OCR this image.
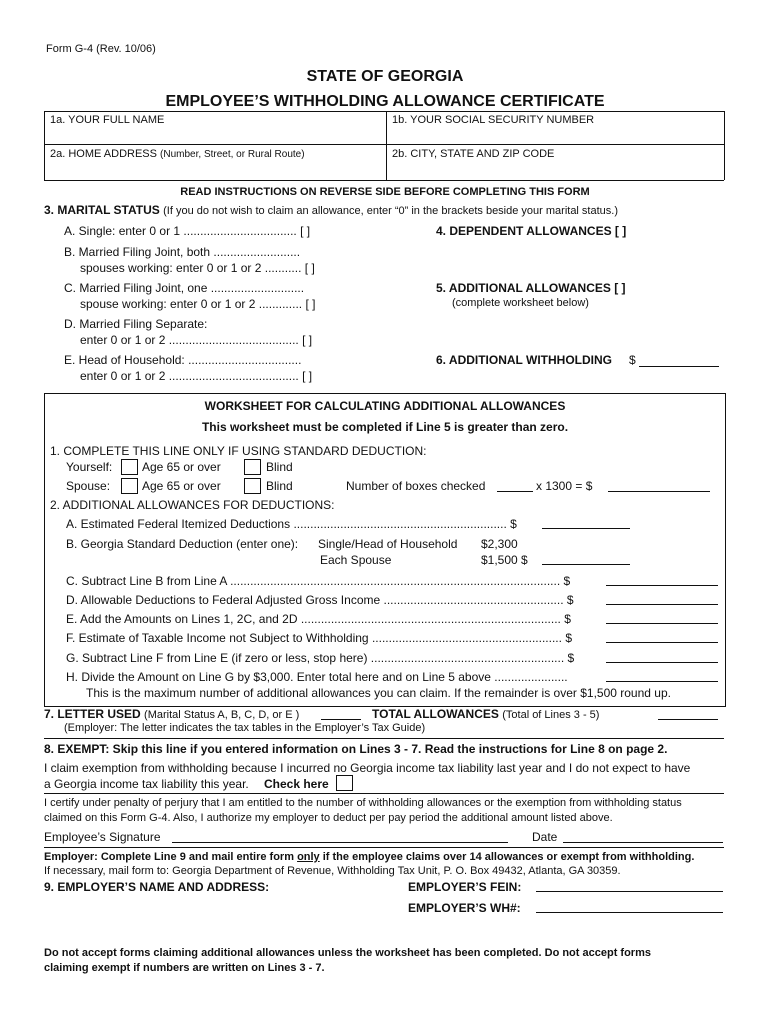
Form G-4 (Rev. 10/06)
STATE OF GEORGIA
EMPLOYEE’S WITHHOLDING ALLOWANCE CERTIFICATE
1a. YOUR FULL NAME	1b. YOUR SOCIAL SECURITY NUMBER
2a. HOME ADDRESS (Number, Street, or Rural Route)	2b. CITY, STATE AND ZIP CODE
READ INSTRUCTIONS ON REVERSE SIDE BEFORE COMPLETING THIS FORM
3. MARITAL STATUS (If you do not wish to claim an allowance, enter “0” in the brackets beside your marital status.)
A. Single: enter 0 or 1 .................................. [ ]
B. Married Filing Joint, both ..........................
spouses working: enter 0 or 1 or 2 ........... [ ]
C. Married Filing Joint, one ............................
spouse working: enter 0 or 1 or 2 ............. [ ]
D. Married Filing Separate:
enter 0 or 1 or 2 ....................................... [ ]
E. Head of Household: ..................................
enter 0 or 1 or 2 ....................................... [ ]
4. DEPENDENT ALLOWANCES [ ]
5. ADDITIONAL ALLOWANCES [ ]
(complete worksheet below)
6. ADDITIONAL WITHHOLDING $
WORKSHEET FOR CALCULATING ADDITIONAL ALLOWANCES
This worksheet must be completed if Line 5 is greater than zero.
1. COMPLETE THIS LINE ONLY IF USING STANDARD DEDUCTION:
Yourself: Age 65 or over	Blind
Spouse:	Age 65 or over	Blind	Number of boxes checked	x 1300 = $
2. ADDITIONAL ALLOWANCES FOR DEDUCTIONS:
A. Estimated Federal Itemized Deductions ................................................................ $
B. Georgia Standard Deduction (enter one): Single/Head of Household $2,300
Each Spouse	$1,500 $
C. Subtract Line B from Line A ................................................................................................... $
D. Allowable Deductions to Federal Adjusted Gross Income ...................................................... $
E. Add the Amounts on Lines 1, 2C, and 2D .............................................................................. $
F. Estimate of Taxable Income not Subject to Withholding ......................................................... $
G. Subtract Line F from Line E (if zero or less, stop here) .......................................................... $
H. Divide the Amount on Line G by $3,000. Enter total here and on Line 5 above ......................
This is the maximum number of additional allowances you can claim. If the remainder is over $1,500 round up.
7. LETTER USED (Marital Status A, B, C, D, or E )	TOTAL ALLOWANCES (Total of Lines 3 - 5)
(Employer: The letter indicates the tax tables in the Employer’s Tax Guide)
8. EXEMPT: Skip this line if you entered information on Lines 3 - 7. Read the instructions for Line 8 on page 2.
I claim exemption from withholding because I incurred no Georgia income tax liability last year and I do not expect to have
a Georgia income tax liability this year. Check here
I certify under penalty of perjury that I am entitled to the number of withholding allowances or the exemption from withholding status
claimed on this Form G-4. Also, I authorize my employer to deduct per pay period the additional amount listed above.
Employee’s Signature	Date
Employer: Complete Line 9 and mail entire form only if the employee claims over 14 allowances or exempt from withholding.
If necessary, mail form to: Georgia Department of Revenue, Withholding Tax Unit, P. O. Box 49432, Atlanta, GA 30359.
9. EMPLOYER’S NAME AND ADDRESS:	EMPLOYER’S FEIN:
EMPLOYER’S WH#:
Do not accept forms claiming additional allowances unless the worksheet has been completed. Do not accept forms
claiming exempt if numbers are written on Lines 3 - 7.
